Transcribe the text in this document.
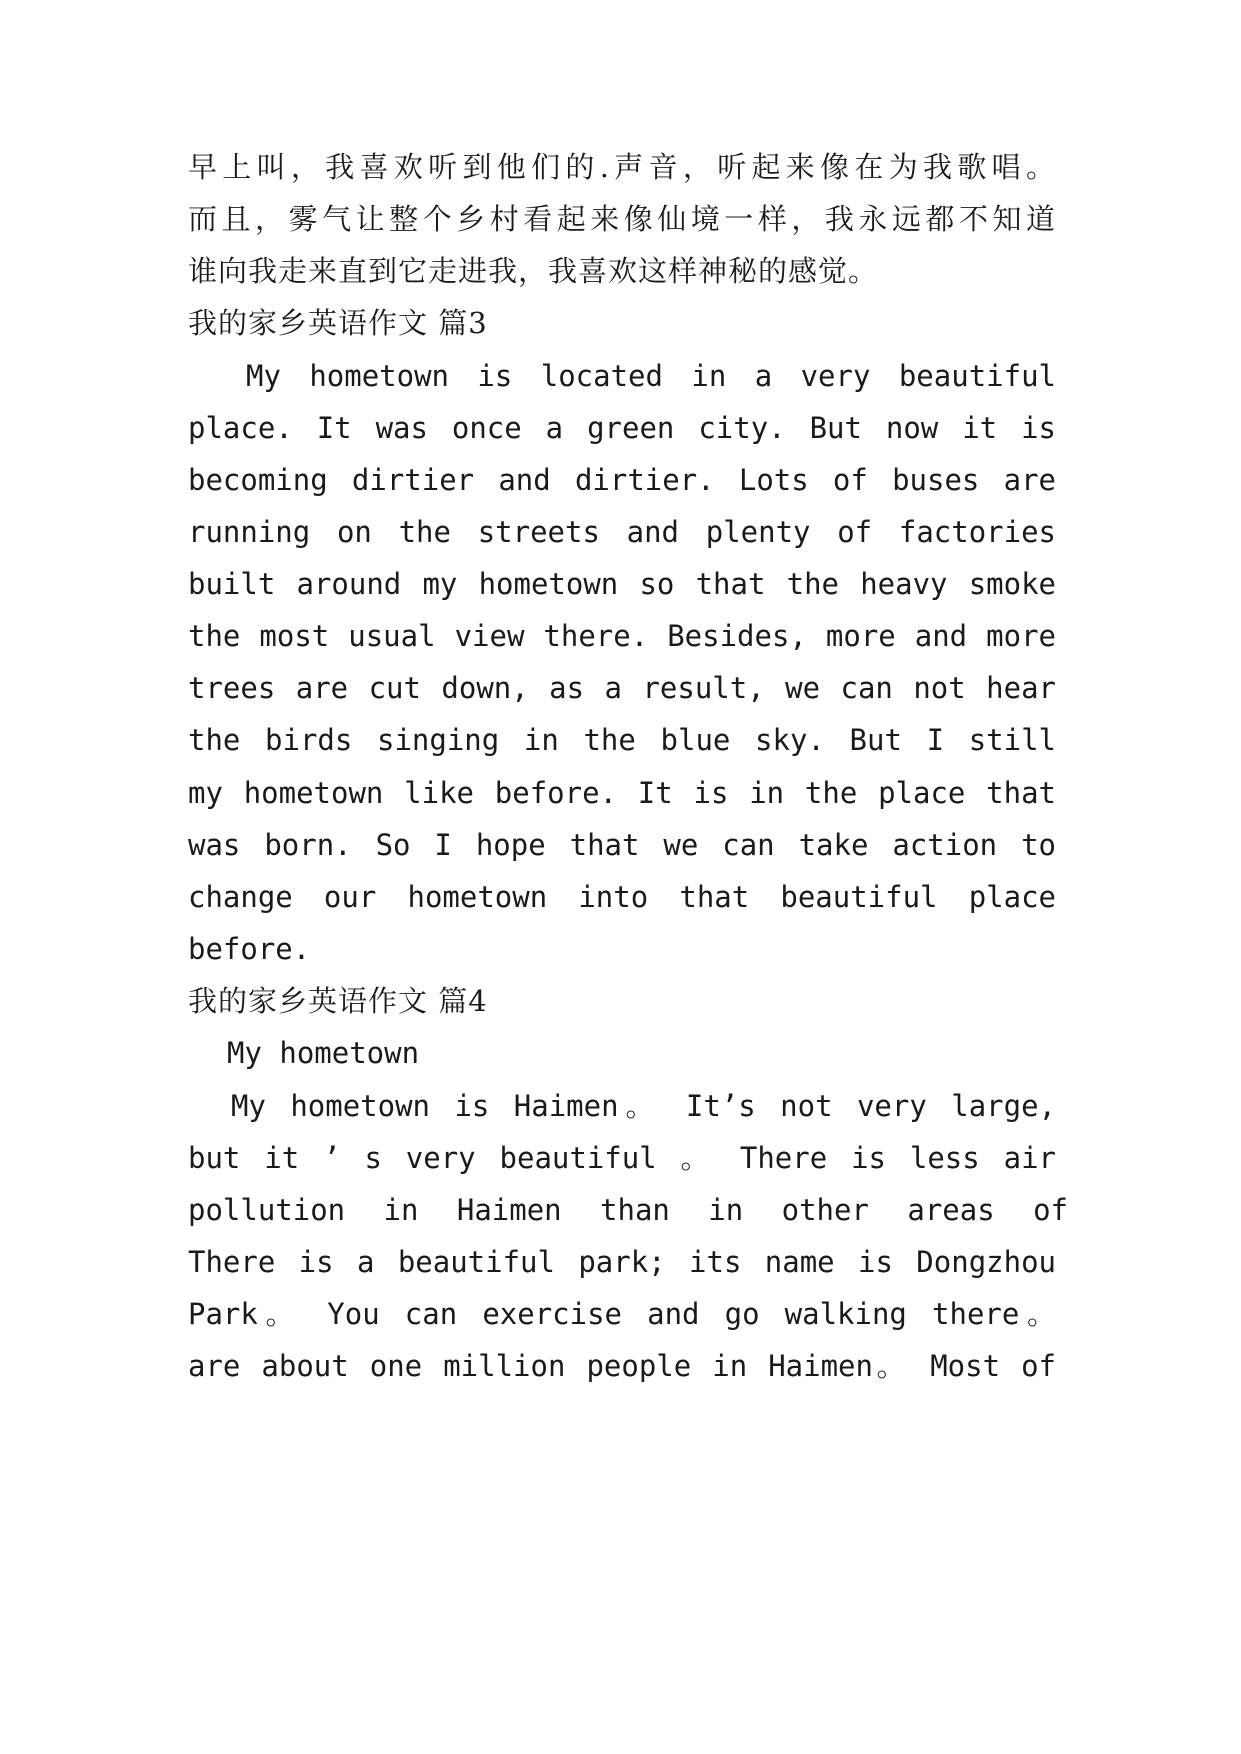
早上叫，我喜欢听到他们的.声音，听起来像在为我歌唱。
而且，雾气让整个乡村看起来像仙境一样，我永远都不知道
谁向我走来直到它走进我，我喜欢这样神秘的感觉。
我的家乡英语作文 篇3
My hometown is located in a very beautiful
place. It was once a green city. But now it is
becoming dirtier and dirtier. Lots of buses are
running on the streets and plenty of factories
built around my hometown so that the heavy smoke
the most usual view there. Besides, more and more
trees are cut down, as a result, we can not hear
the birds singing in the blue sky. But I still
my hometown like before. It is in the place that
was born. So I hope that we can take action to
change our hometown into that beautiful place
before.
我的家乡英语作文 篇4
My hometown
My hometown is Haimen。 It’s not very large,
but it ’ s very beautiful 。 There is less air
pollution in Haimen than in other areas of
There is a beautiful park; its name is Dongzhou
Park。 You can exercise and go walking there。
are about one million people in Haimen。 Most of
